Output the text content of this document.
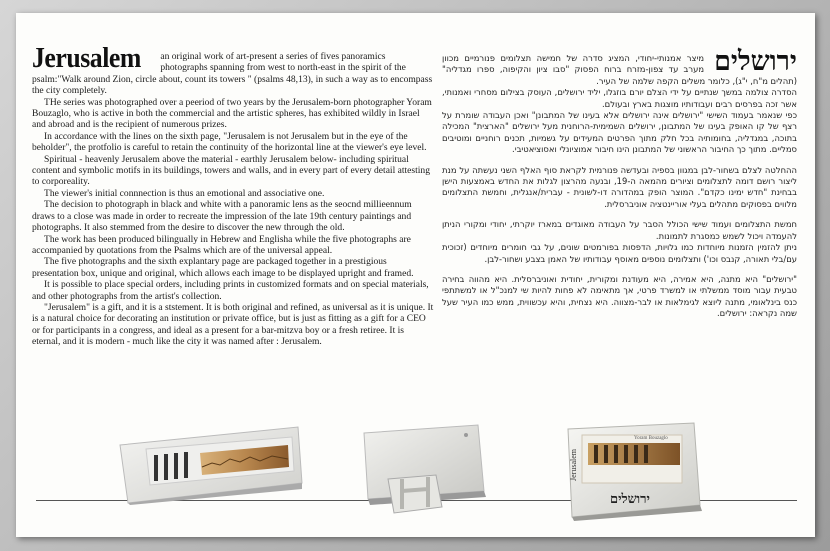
Jerusalem an original work of art-present a series of fives panoramics photographs spanning from west to north-east in the spirit of the psalm:"Walk around Zion, circle about, count its towers " (psalms 48,13), in such a way as to encompass the city completely.

THe series was photographed over a peeriod of two years by the Jerusalem-born photographer Yoram Bouzaglo, who is active in both the commercial and the artistic spheres, has exhibited wildly in Israel and abroad and is the recipient of numerous prizes.

In accordance with the lines on the sixth page, "Jerusalem is not Jerusalem but in the eye of the beholder", the protfolio is careful to retain the continuity of the horizontal line at the viewer's eye level.

Spiritual - heavenly Jerusalem above the material - earthly Jerusalem below- including spiritual content and symbolic motifs in its buildings, towers and walls, and in every part of every detail attesting to corporeality.

The viewer's initial connnection is thus an emotional and associative one.

The decision to photograph in black and white with a panoramic lens as the seocnd millieennum draws to a close was made in order to recreate the impression of the late 19th century paintings and photographs. It also stemmed from the desire to discover the new through the old.

The work has been produced bilingually in Hebrew and Englisha while the five photographs are accompanied by quotations from the Psalms which are of the universal appeal.

The five photographs and the sixth explantary page are packaged together in a prestigious presentation box, unique and original, which allows each image to be displayed upright and framed.

It is possible to place special orders, including prints in customized formats and on special materials, and other photographs from the artist's collection.

"Jerusalem" is a gift, and it is a ststement. It is both original and refined, as universal as it is unique. It is a natural choice for decorating an institution or private office, but is just as fitting as a gift for a CEO or for participants in a congress, and ideal as a present for a bar-mitzva boy or a fresh retiree. It is eternal, and it is modern - much like the city it was named after : Jerusalem.

ירושלים
מיצר אמנותי-יחודי, המציג סדרה של חמישה תצלומים פנורמיים מכוון מערב עד צפון-מזרח ברוח הפסוק "סבו ציון והקיפוה, ספרו מגדליה" (תהלים מ"ח, י"ג), כלומר משלים הקפה שלמה של העיר.

הסדרה צולמה במשך שנתיים על ידי הצלם יורם בוזגלו, יליד ירושלים, העוסק בצילום מסחרי ואמנותי, אשר זכה בפרסים רבים ועבודותיו מוצגות בארץ ובעולם.

כפי שנאמר בעמוד השישי "ירושלים אינה ירושלים אלא בעינו של המתבונן" ואכן העבודה שומרת על רצף של קו האופק בעינו של המתבונן, ירושלים השמימית-הרוחנית מעל ירושלים "הארצית" המכילה בתוכה, במגדליה, בחומותיה בכל חלק מתוך הפרטים המעידים על גשמיות, תכנים רוחניים ומוטיבים סמליים. מתוך כך החיבור הראשוני של המתבונן הינו חיבור אמוציונלי ואסוציאטיבי.

ההחלטה לצלם בשחור-לבן במגוון בספיה ובעדשה פנורמית לקראת סוף האלף השני נעשתה על מנת ליצור רושם דומה לתצלומים וציורים מהמאה ה-19, ובנעה מהרצון לגלות את החדש באמצעות הישן בבחינת "חדש ימינו כקדם". המוצר הופק במהדורה דו-לשונית - עברית/אנגלית, וחמשת התצלומים מלווים בפסוקים מתהלים בעלי אוריינטציה אוניברסלית.

חמשת התצלומים ועמוד שישי הכולל הסבר על העבודה מאוגדים במארז יוקרתי, יחודי ומקורי הניתן להעמדה ויכול לשמש כמסגרת לתמונות.

ניתן להזמין הזמנות מיוחדות כמו גלויות, הדפסות בפורמטים שונים, על גבי חומרים מיוחדים (זכוכית עם/בלי תאורה, קנבס וכו') ותצלומים נוספים מאוסף עבודותיו של האמן בצבע ושחור-לבן.

"ירושלים" היא מתנה, היא אמירה, היא מעודנת ומקורית, יחודית ואוניברסלית. היא מהווה בחירה טבעית עבור מוסד ממשלתי או למשרד פרטי, אך מתאימה לא פחות להיות שי למנכ"ל או למשתתפי כנס בינלאומי, מתנה ליוצא לגימלאות או לבר-מצווה. היא נצחית, והיא עכשווית, ממש כמו העיר שעל שמה נקראה: ירושלים.

Yoram Bouzaglo
Jerusalem
ירושלים
